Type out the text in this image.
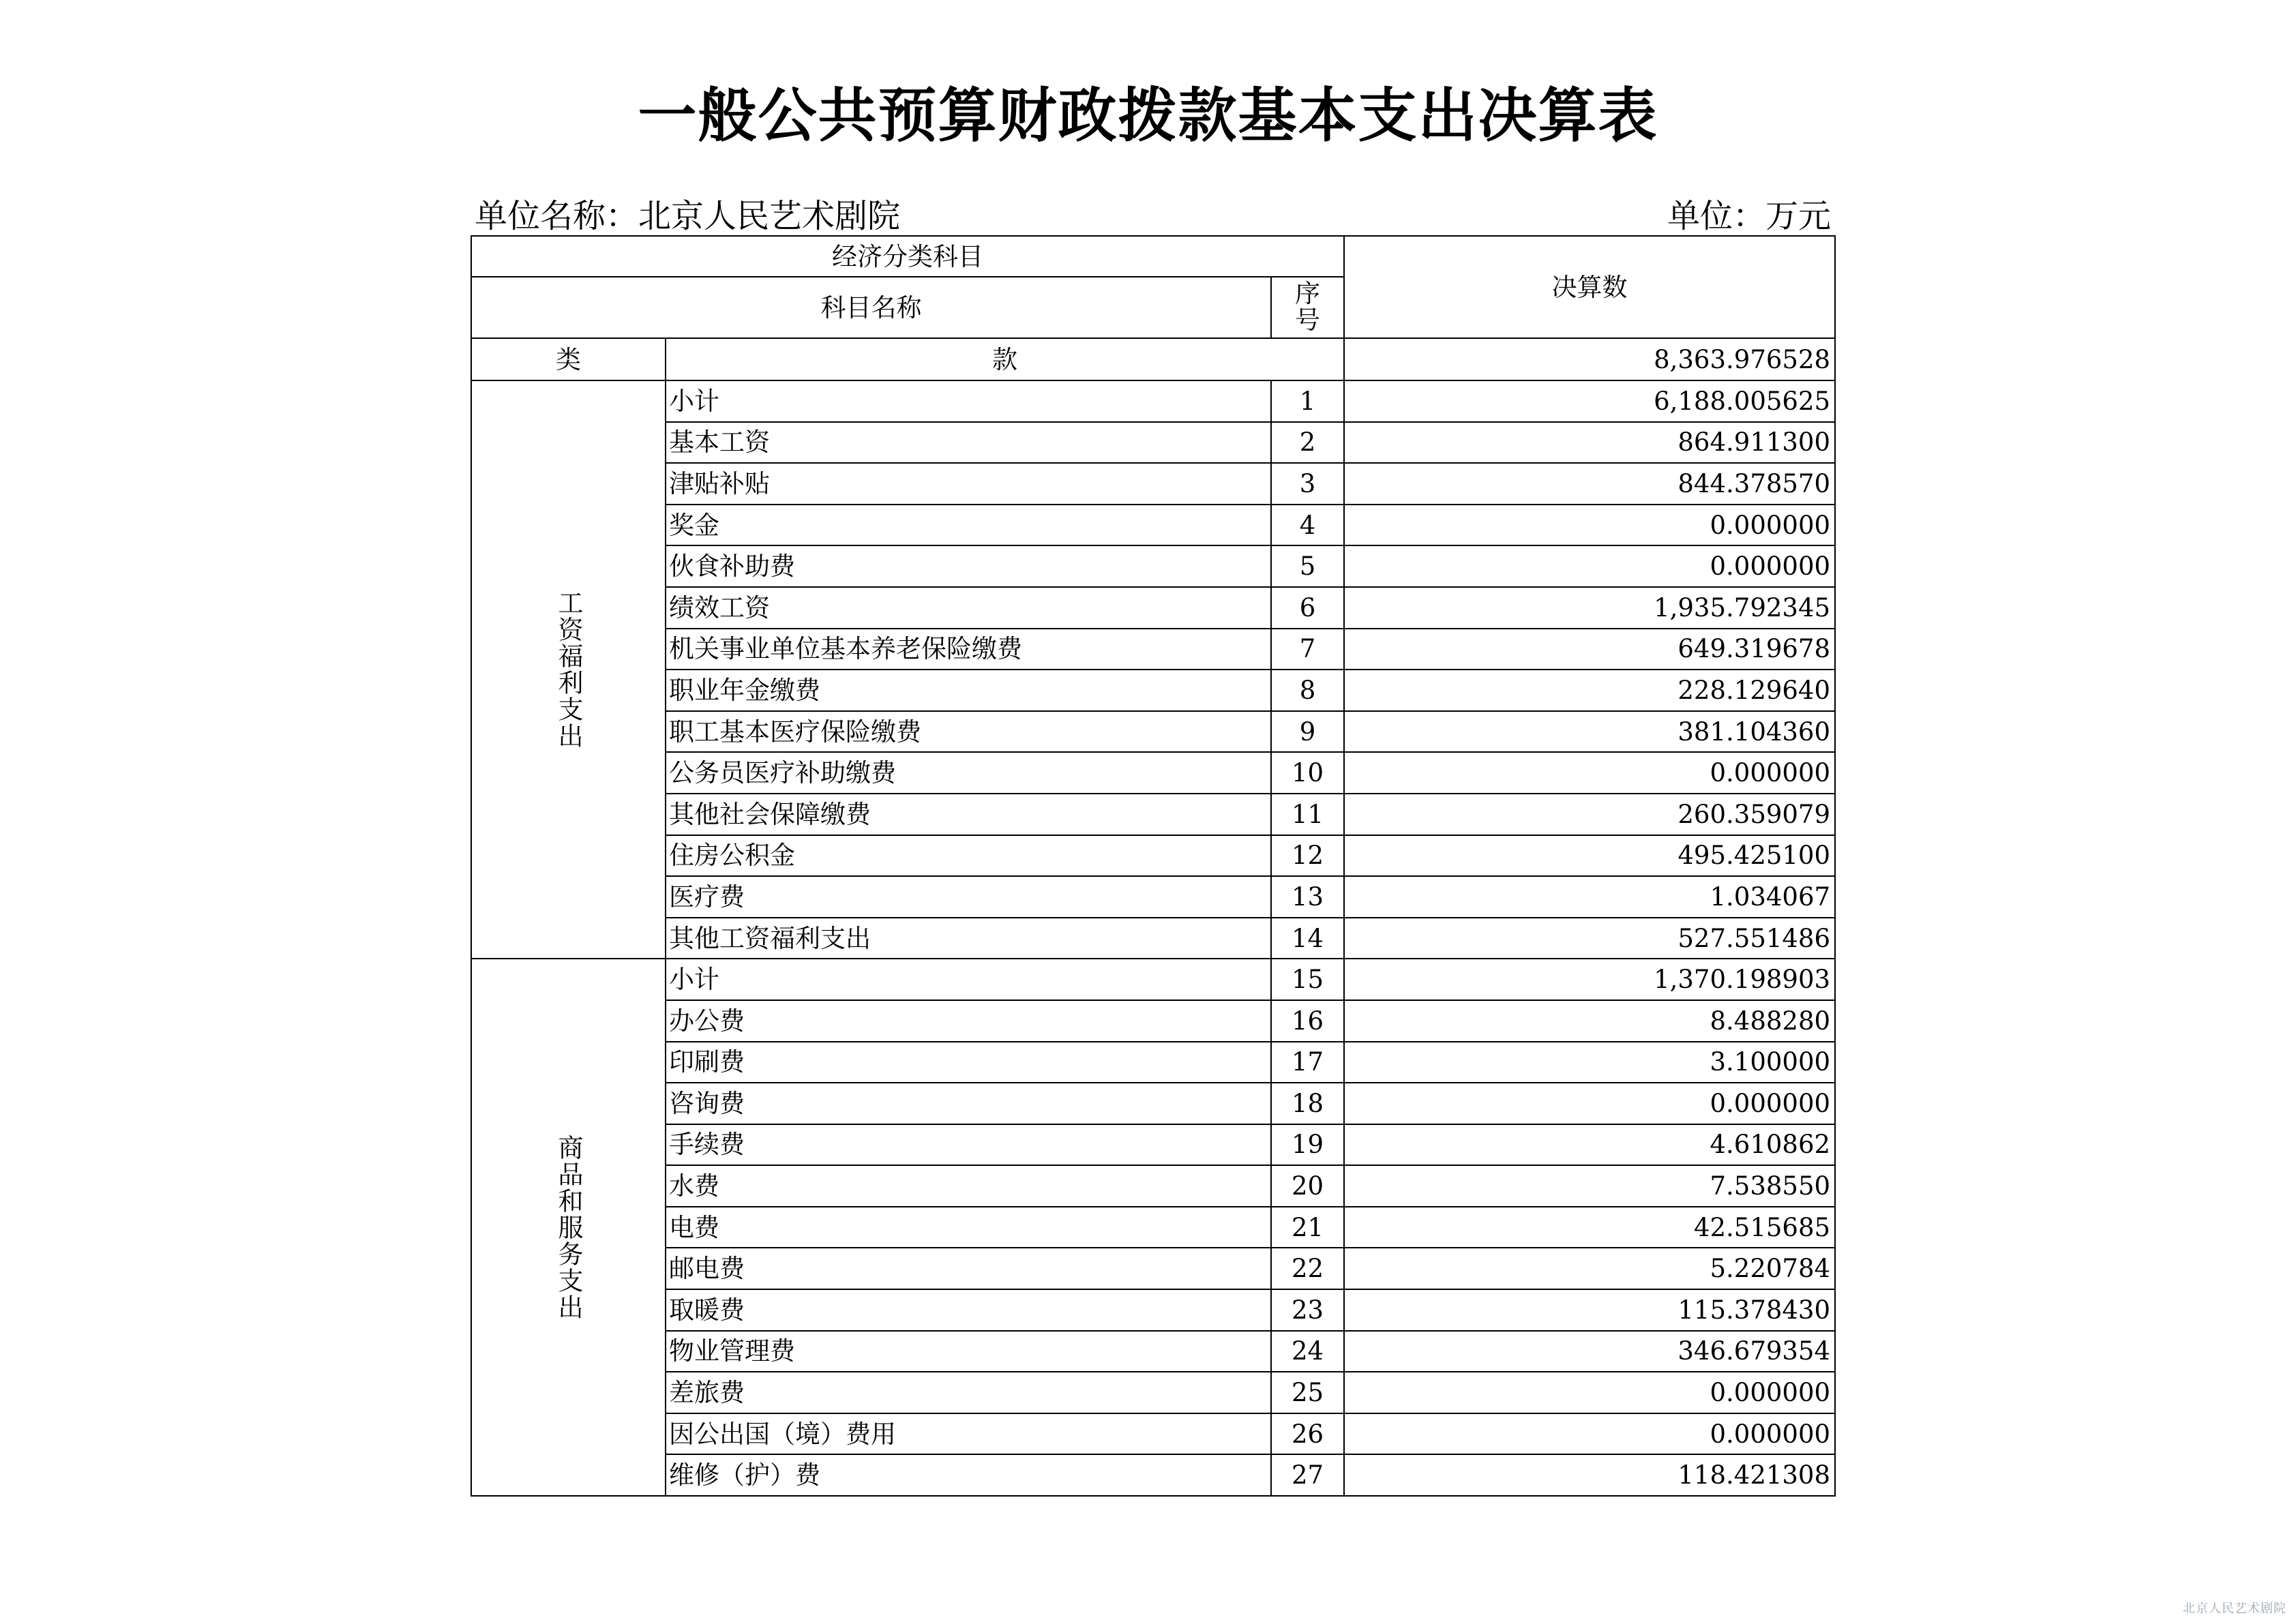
一般公共预算财政拨款基本支出决算表
单位名称：北京人民艺术剧院	单位：万元
经济分类科目			决算数
科目名称		序号	
类	款		8,363.976528
工资福利支出	小计	1	6,188.005625
	基本工资	2	864.911300
	津贴补贴	3	844.378570
	奖金	4	0.000000
	伙食补助费	5	0.000000
	绩效工资	6	1,935.792345
	机关事业单位基本养老保险缴费	7	649.319678
	职业年金缴费	8	228.129640
	职工基本医疗保险缴费	9	381.104360
	公务员医疗补助缴费	10	0.000000
	其他社会保障缴费	11	260.359079
	住房公积金	12	495.425100
	医疗费	13	1.034067
	其他工资福利支出	14	527.551486
商品和服务支出	小计	15	1,370.198903
	办公费	16	8.488280
	印刷费	17	3.100000
	咨询费	18	0.000000
	手续费	19	4.610862
	水费	20	7.538550
	电费	21	42.515685
	邮电费	22	5.220784
	取暖费	23	115.378430
	物业管理费	24	346.679354
	差旅费	25	0.000000
	因公出国（境）费用	26	0.000000
	维修（护）费	27	118.421308
北京人民艺术剧院
